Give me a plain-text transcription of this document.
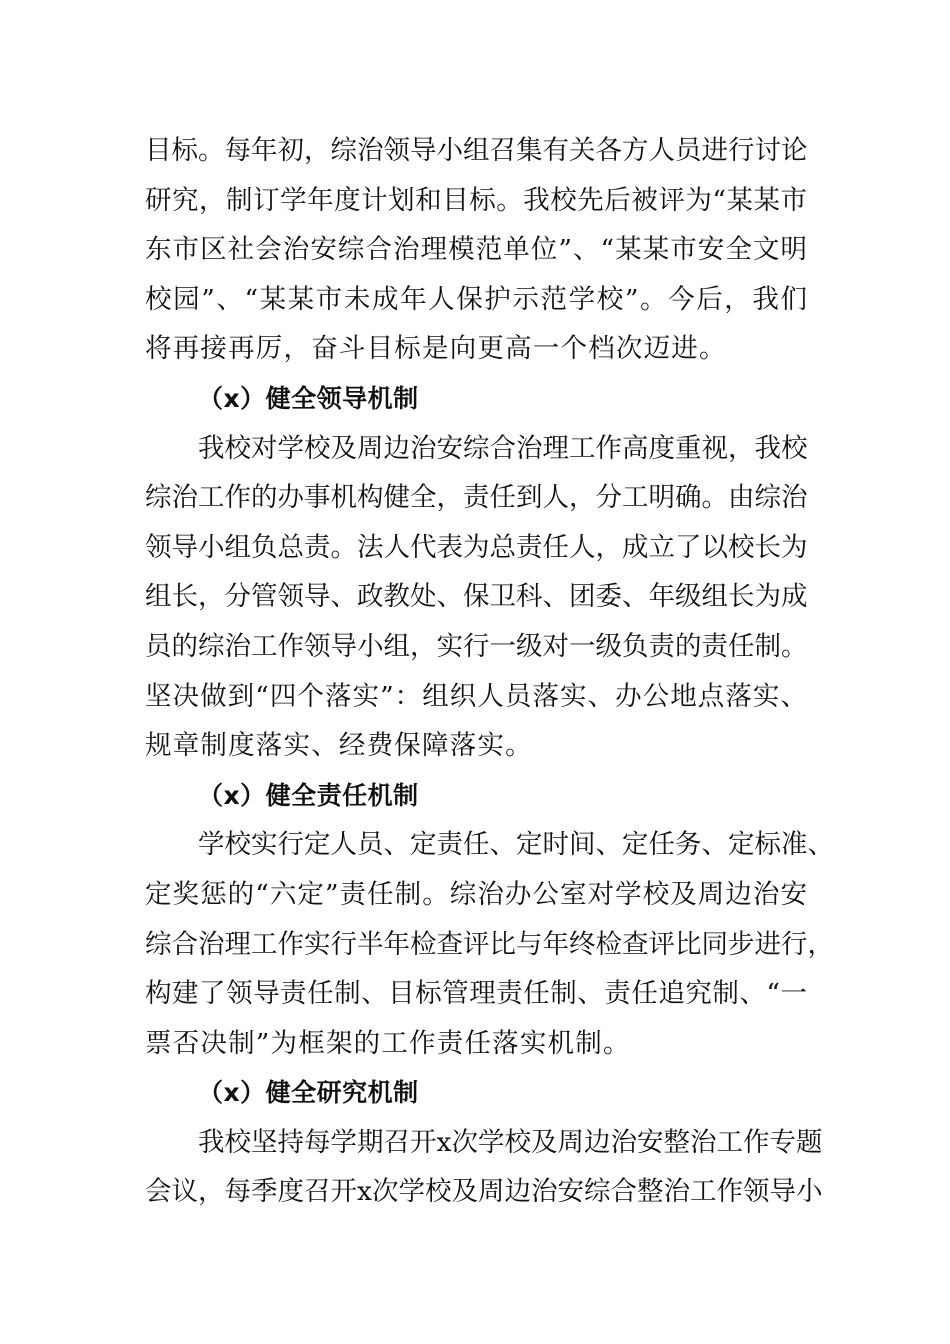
目标。每年初，综治领导小组召集有关各方人员进行讨论
研究，制订学年度计划和目标。我校先后被评为“某某市
东市区社会治安综合治理模范单位”、“某某市安全文明
校园”、“某某市未成年人保护示范学校”。今后，我们
将再接再厉，奋斗目标是向更高一个档次迈进。
（x）健全领导机制
我校对学校及周边治安综合治理工作高度重视，我校
综治工作的办事机构健全，责任到人，分工明确。由综治
领导小组负总责。法人代表为总责任人，成立了以校长为
组长，分管领导、政教处、保卫科、团委、年级组长为成
员的综治工作领导小组，实行一级对一级负责的责任制。
坚决做到“四个落实”：组织人员落实、办公地点落实、
规章制度落实、经费保障落实。
（x）健全责任机制
学校实行定人员、定责任、定时间、定任务、定标准、
定奖惩的“六定”责任制。综治办公室对学校及周边治安
综合治理工作实行半年检查评比与年终检查评比同步进行，
构建了领导责任制、目标管理责任制、责任追究制、“一
票否决制”为框架的工作责任落实机制。
（x）健全研究机制
我校坚持每学期召开x次学校及周边治安整治工作专题
会议，每季度召开x次学校及周边治安综合整治工作领导小
